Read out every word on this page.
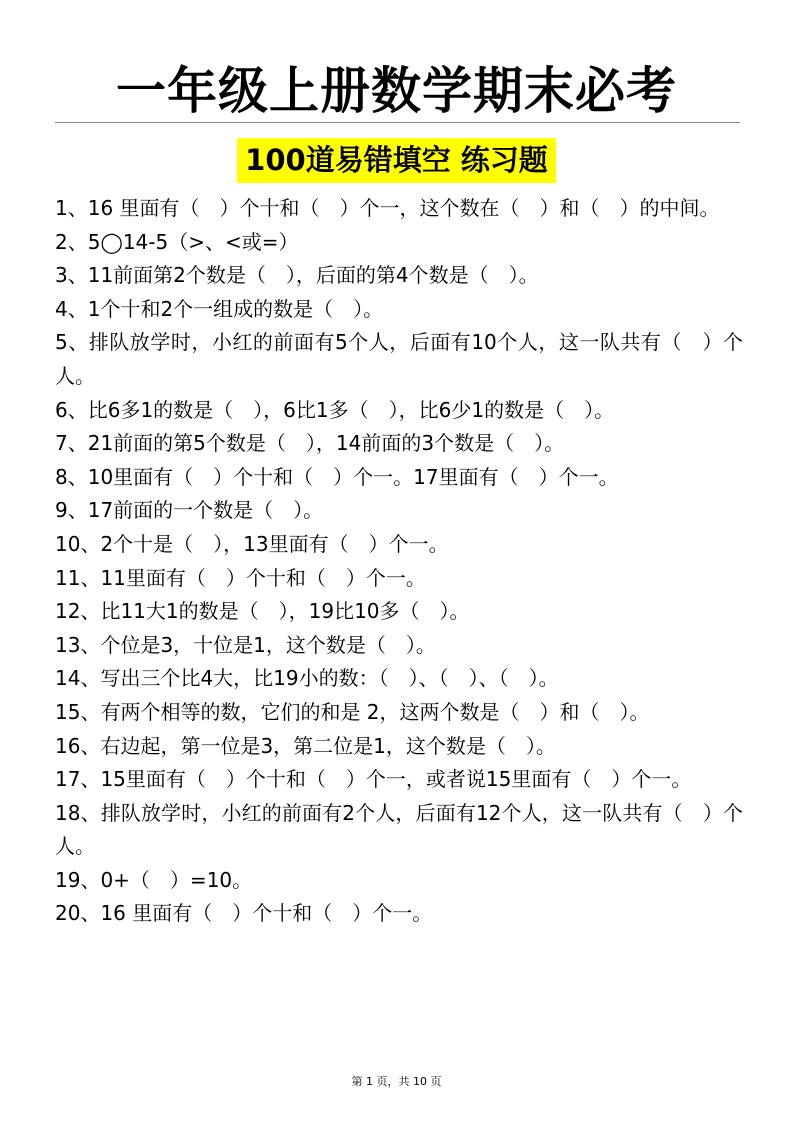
一年级上册数学期末必考
100道易错填空 练习题

1、16 里面有（　）个十和（　）个一，这个数在（　）和（　）的中间。

2、5◯14-5（>、<或=）

3、11前面第2个数是（　），后面的第4个数是（　）。

4、1个十和2个一组成的数是（　）。

5、排队放学时，小红的前面有5个人，后面有10个人，这一队共有（　）个人。

6、比6多1的数是（　），6比1多（　），比6少1的数是（　）。

7、21前面的第5个数是（　），14前面的3个数是（　）。

8、10里面有（　）个十和（　）个一。17里面有（　）个一。

9、17前面的一个数是（　）。

10、2个十是（　），13里面有（　）个一。

11、11里面有（　）个十和（　）个一。

12、比11大1的数是（　），19比10多（　）。

13、个位是3，十位是1，这个数是（　）。

14、写出三个比4大，比19小的数：（　）、（　）、（　）。

15、有两个相等的数，它们的和是 2，这两个数是（　）和（　）。

16、右边起，第一位是3，第二位是1，这个数是（　）。

17、15里面有（　）个十和（　）个一，或者说15里面有（　）个一。

18、排队放学时，小红的前面有2个人，后面有12个人，这一队共有（　）个人。

19、0+（　）=10。

20、16 里面有（　）个十和（　）个一。

第 1 页，共 10 页
